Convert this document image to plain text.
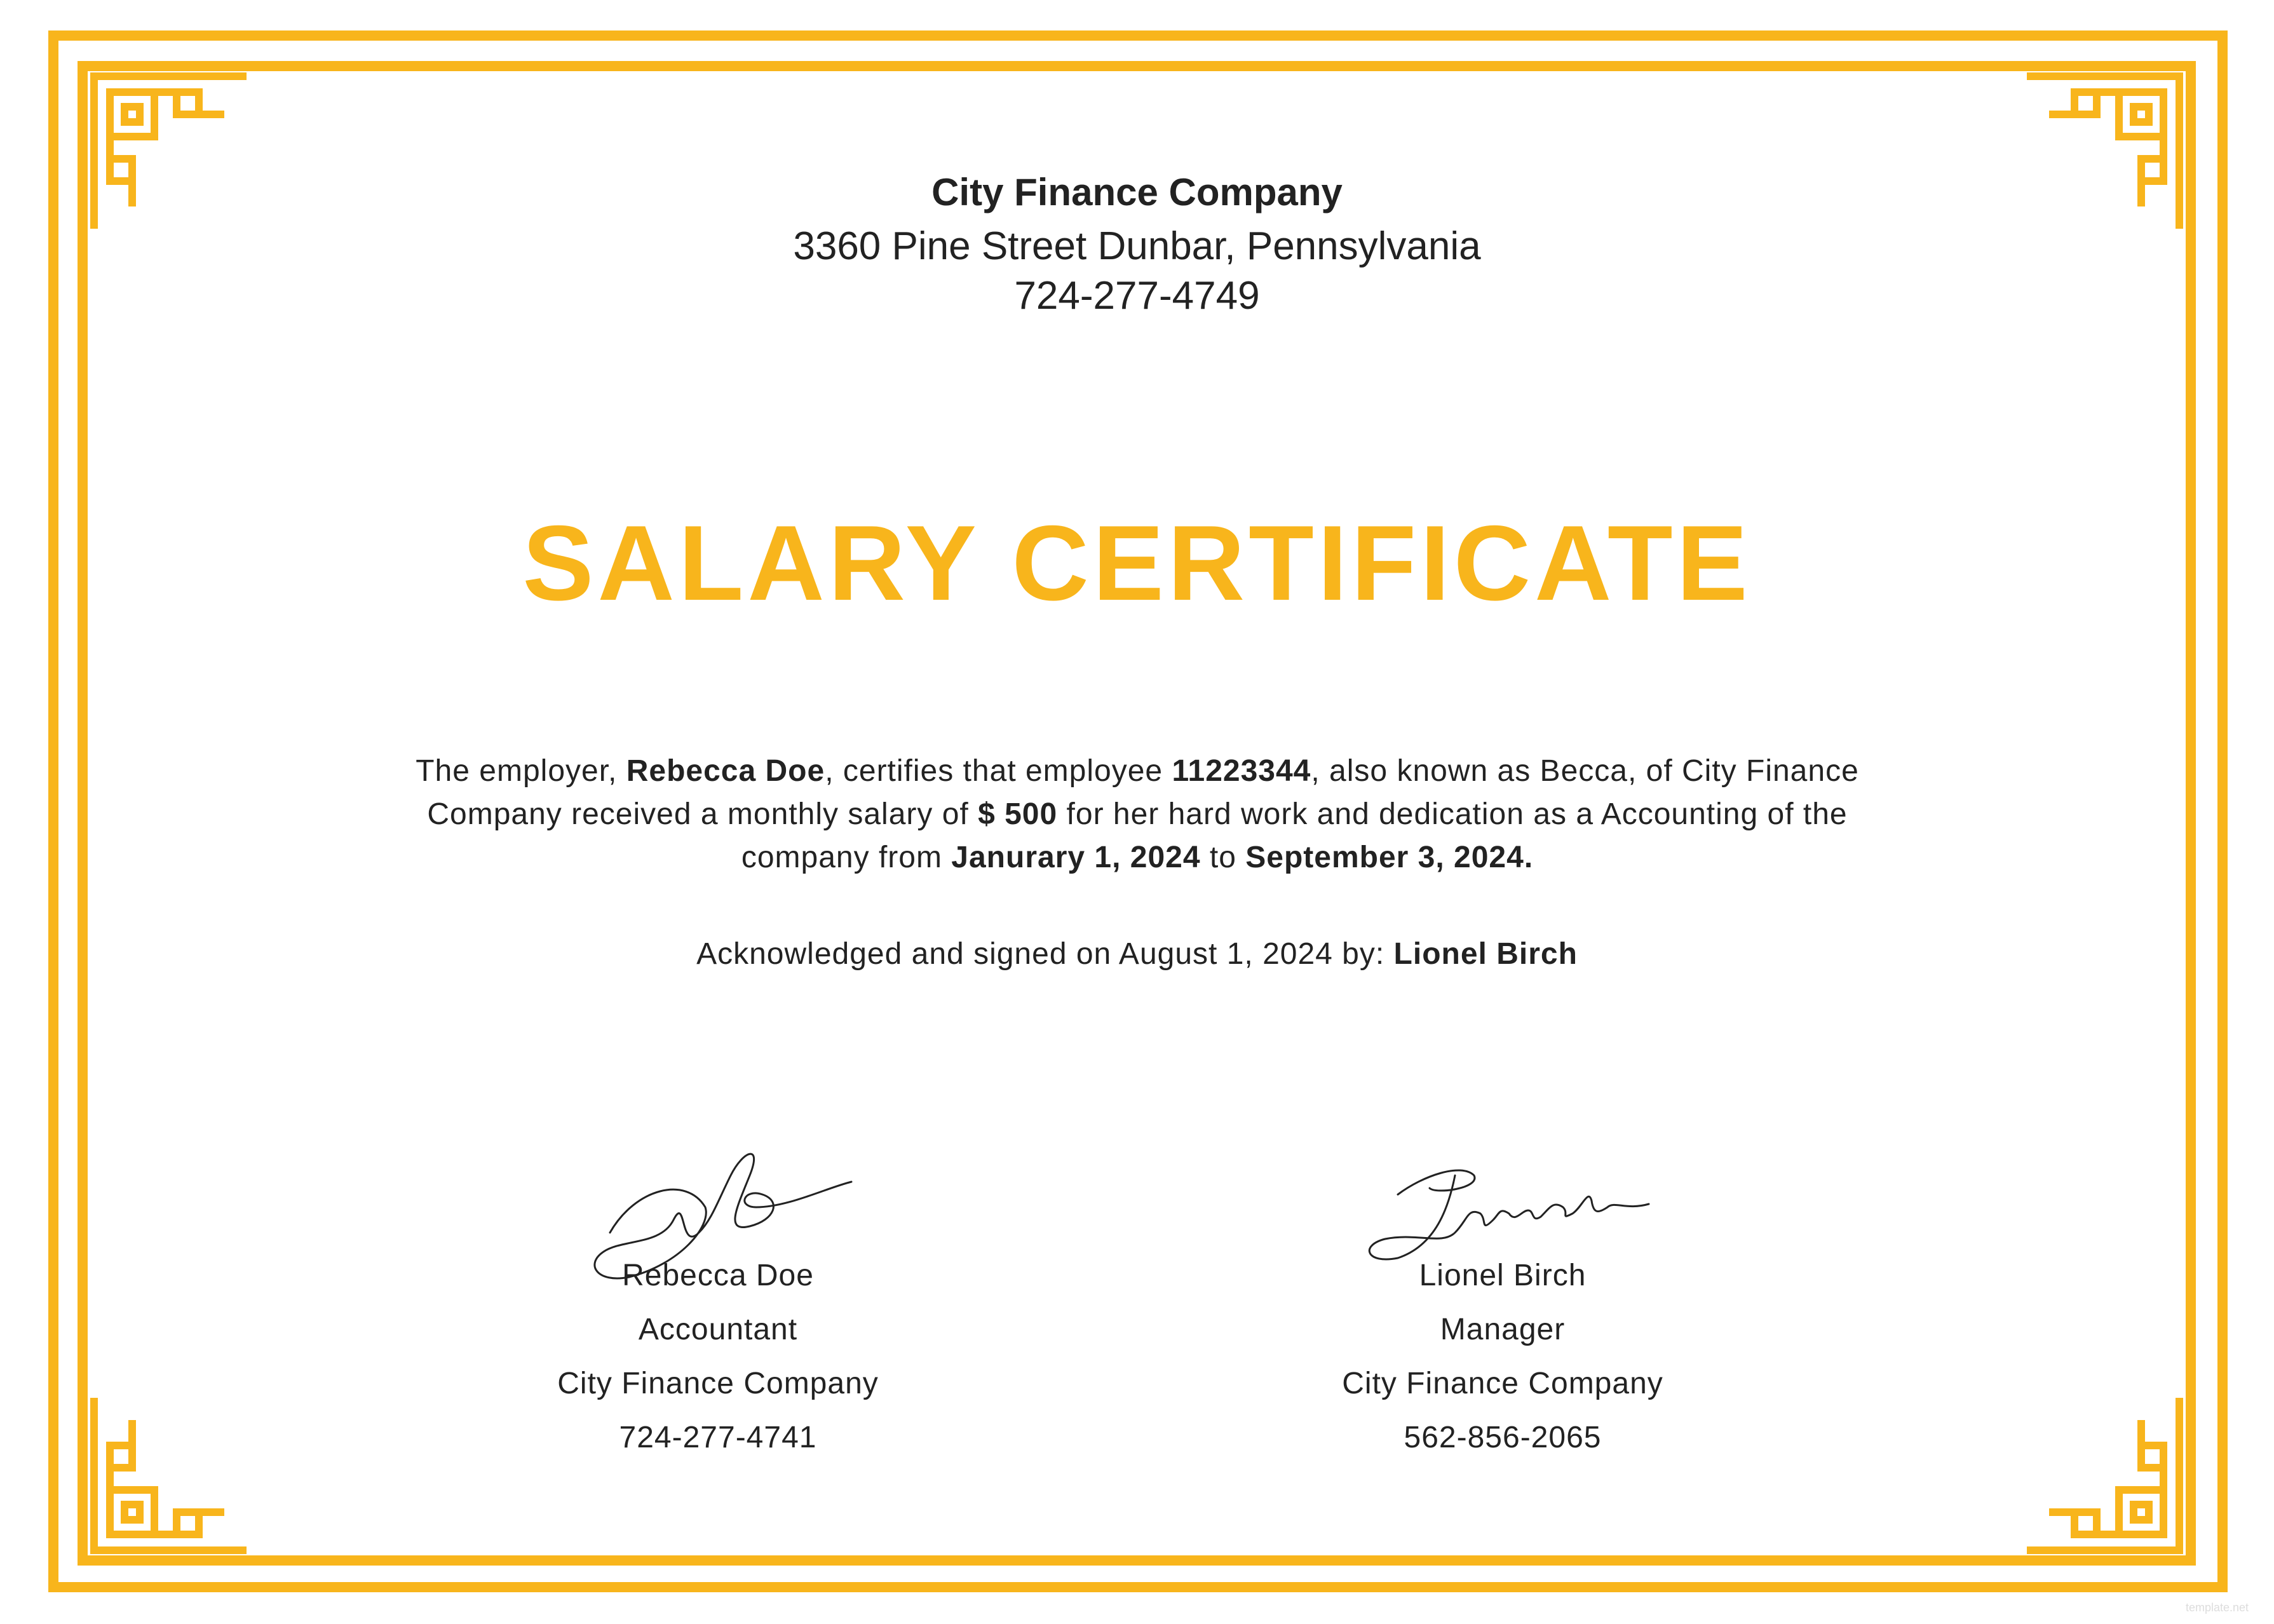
City Finance Company
3360 Pine Street Dunbar, Pennsylvania
724-277-4749
SALARY CERTIFICATE
The employer, Rebecca Doe, certifies that employee 11223344, also known as Becca, of City Finance Company received a monthly salary of $ 500 for her hard work and dedication as a Accounting of the company from Janurary 1, 2024 to September 3, 2024.
Acknowledged and signed on August 1, 2024 by: Lionel Birch
Rebecca Doe
Accountant
City Finance Company
724-277-4741
Lionel Birch
Manager
City Finance Company
562-856-2065
template.net
